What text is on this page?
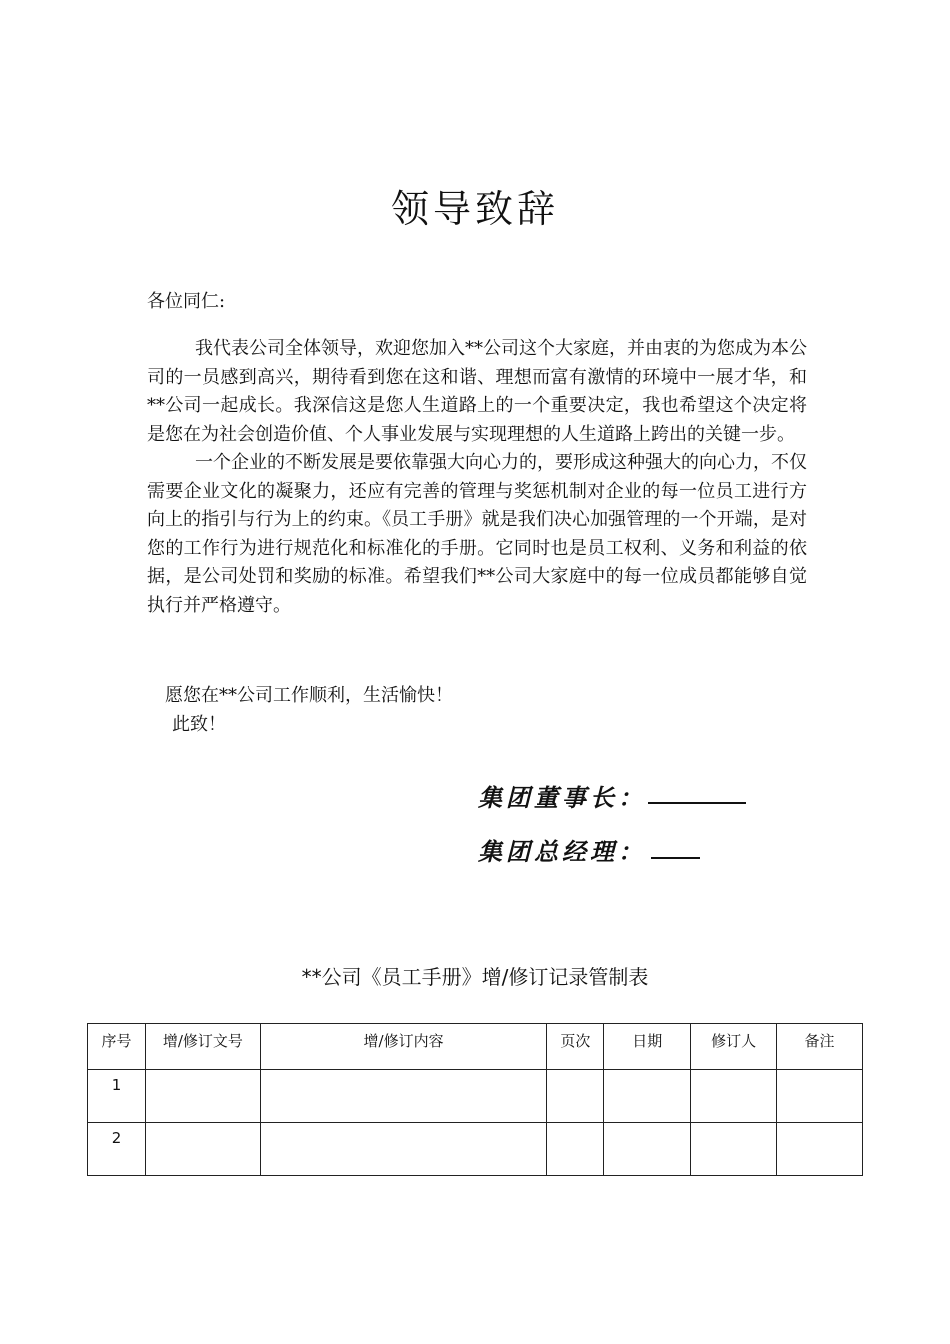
领导致辞
各位同仁:

我代表公司全体领导，欢迎您加入**公司这个大家庭，并由衷的为您成为本公司的一员感到高兴，期待看到您在这和谐、理想而富有激情的环境中一展才华，和**公司一起成长。我深信这是您人生道路上的一个重要决定，我也希望这个决定将是您在为社会创造价值、个人事业发展与实现理想的人生道路上跨出的关键一步。

一个企业的不断发展是要依靠强大向心力的，要形成这种强大的向心力，不仅需要企业文化的凝聚力，还应有完善的管理与奖惩机制对企业的每一位员工进行方向上的指引与行为上的约束。《员工手册》就是我们决心加强管理的一个开端，是对您的工作行为进行规范化和标准化的手册。它同时也是员工权利、义务和利益的依据，是公司处罚和奖励的标准。希望我们**公司大家庭中的每一位成员都能够自觉执行并严格遵守。

愿您在**公司工作顺利，生活愉快！
此致！
集团董事长：
集团总经理：
**公司《员工手册》增/修订记录管制表
序号	增/修订文号	增/修订内容	页次	日期	修订人	备注
1						
2						
